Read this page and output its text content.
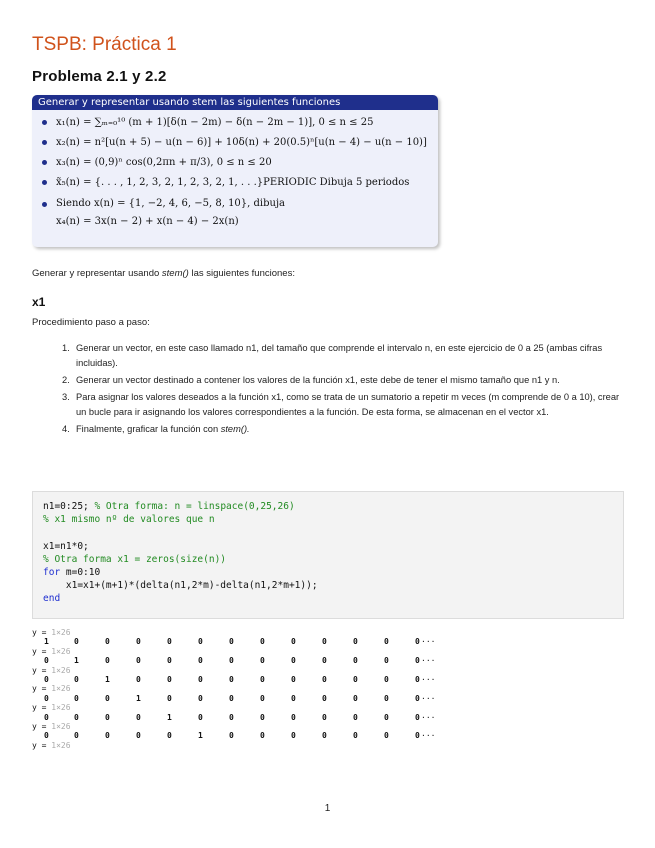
TSPB: Práctica 1
Problema 2.1 y 2.2
Generar y representar usando stem las siguientes funciones
x₁(n) = ∑ₘ₌₀¹⁰ (m + 1)[δ(n − 2m) − δ(n − 2m − 1)], 0 ≤ n ≤ 25
x₂(n) = n²[u(n + 5) − u(n − 6)] + 10δ(n) + 20(0.5)ⁿ[u(n − 4) − u(n − 10)]
x₃(n) = (0,9)ⁿ cos(0,2πn + π/3), 0 ≤ n ≤ 20
x̃₅(n) = {. . . , 1, 2, 3, 2, 1, 2, 3, 2, 1, . . .}PERIODIC Dibuja 5 periodos
Siendo x(n) = {1, −2, 4, 6, −5, 8, 10}, dibuja
x₄(n) = 3x(n − 2) + x(n − 4) − 2x(n)

Generar y representar usando stem() las siguientes funciones:

x1

Procedimiento paso a paso:

1. Generar un vector, en este caso llamado n1, del tamaño que comprende el intervalo n, en este ejercicio de 0 a 25 (ambas cifras incluidas).
2. Generar un vector destinado a contener los valores de la función x1, este debe de tener el mismo tamaño que n1 y n.
3. Para asignar los valores deseados a la función x1, como se trata de un sumatorio a repetir m veces (m comprende de 0 a 10), crear un bucle para ir asignando los valores correspondientes a la función. De esta forma, se almacenan en el vector x1.
4. Finalmente, graficar la función con stem().
n1=0:25; % Otra forma: n = linspace(0,25,26)
% x1 mismo nº de valores que n
x1=n1*0;
% Otra forma x1 = zeros(size(n))
for m=0:10
x1=x1+(m+1)*(delta(n1,2*m)-delta(n1,2*m+1));
end
y = 1×26
1	0	0	0	0	0	0	0	0	0	0	0	0 ···
y = 1×26
0	1	0	0	0	0	0	0	0	0	0	0	0 ···
y = 1×26
0	0	1	0	0	0	0	0	0	0	0	0	0 ···
y = 1×26
0	0	0	1	0	0	0	0	0	0	0	0	0 ···
y = 1×26
0	0	0	0	1	0	0	0	0	0	0	0	0 ···
y = 1×26
0	0	0	0	0	1	0	0	0	0	0	0	0 ···
y = 1×26
1
